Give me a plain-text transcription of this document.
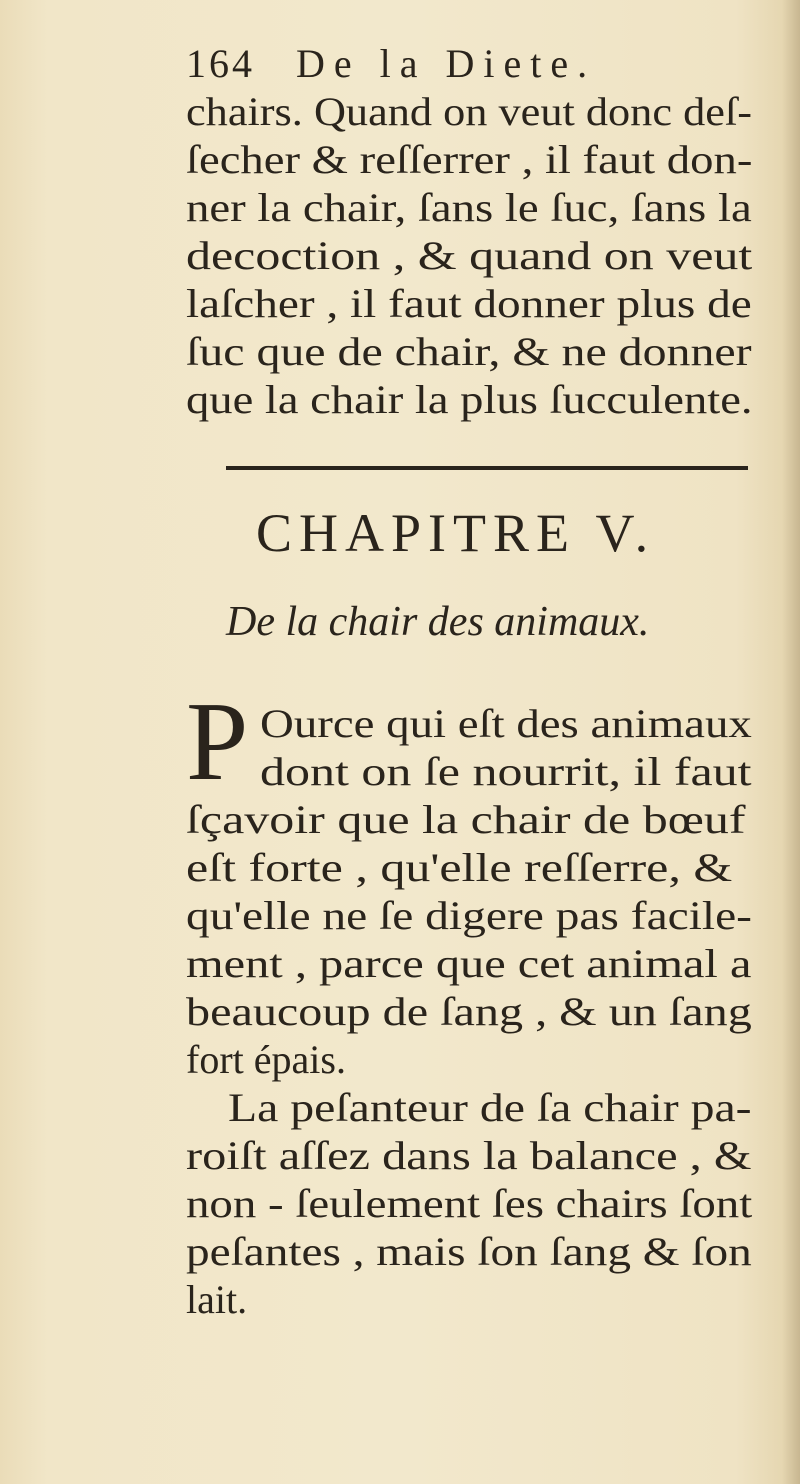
164 De la Diete.
chairs. Quand on veut donc deſ-
ſecher & reſſerrer , il faut don-
ner la chair, ſans le ſuc, ſans la
decoction , & quand on veut
laſcher , il faut donner plus de
ſuc que de chair, & ne donner
que la chair la plus ſucculente.
CHAPITRE V.
De la chair des animaux.
P Ource qui eſt des animaux
dont on ſe nourrit, il faut
ſçavoir que la chair de bœuf
eſt forte , qu'elle reſſerre, &
qu'elle ne ſe digere pas facile-
ment , parce que cet animal a
beaucoup de ſang , & un ſang
fort épais.
La peſanteur de ſa chair pa-
roiſt aſſez dans la balance , &
non - ſeulement ſes chairs ſont
peſantes , mais ſon ſang & ſon
lait.
